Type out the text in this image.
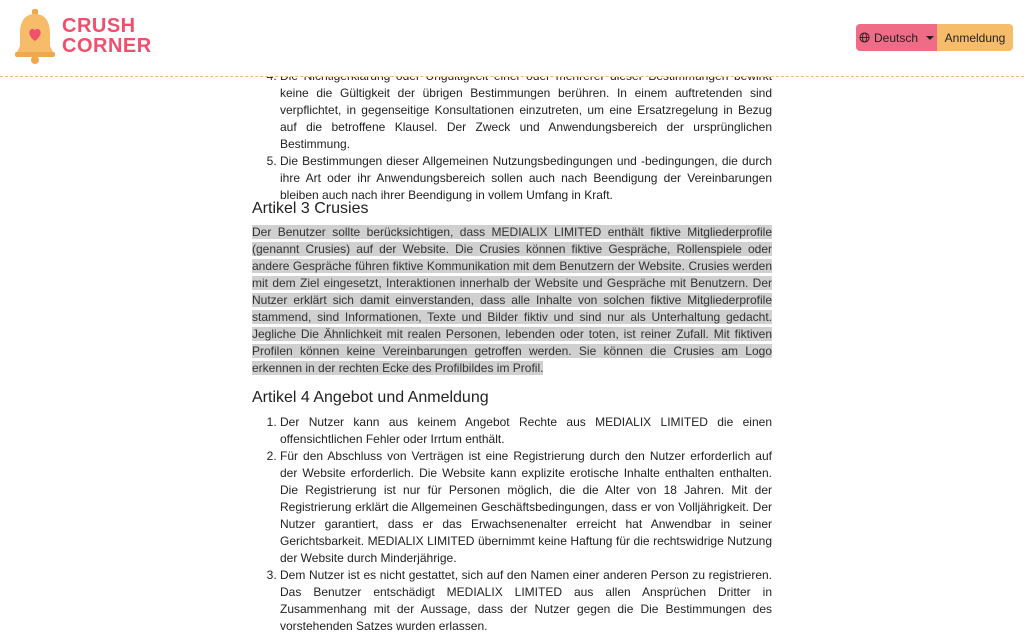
4. keine die Gültigkeit der übrigen Bestimmungen berühren. In einem auftretenden sind verpflichtet, in gegenseitige Konsultationen einzutreten, um eine Ersatzregelung in Bezug auf die betroffene Klausel. Der Zweck und Anwendungsbereich der ursprünglichen Bestimmung.
5. Die Bestimmungen dieser Allgemeinen Nutzungsbedingungen und -bedingungen, die durch ihre Art oder ihr Anwendungsbereich sollen auch nach Beendigung der Vereinbarungen bleiben auch nach ihrer Beendigung in vollem Umfang in Kraft.
Artikel 3 Crusies
Der Benutzer sollte berücksichtigen, dass MEDIALIX LIMITED enthält fiktive Mitgliederprofile (genannt Crusies) auf der Website. Die Crusies können fiktive Gespräche, Rollenspiele oder andere Gespräche führen fiktive Kommunikation mit dem Benutzern der Website. Crusies werden mit dem Ziel eingesetzt, Interaktionen innerhalb der Website und Gespräche mit Benutzern. Der Nutzer erklärt sich damit einverstanden, dass alle Inhalte von solchen fiktive Mitgliederprofile stammend, sind Informationen, Texte und Bilder fiktiv und sind nur als Unterhaltung gedacht. Jegliche Die Ähnlichkeit mit realen Personen, lebenden oder toten, ist reiner Zufall. Mit fiktiven Profilen können keine Vereinbarungen getroffen werden. Sie können die Crusies am Logo erkennen in der rechten Ecke des Profilbildes im Profil.
Artikel 4 Angebot und Anmeldung
1. Der Nutzer kann aus keinem Angebot Rechte aus MEDIALIX LIMITED die einen offensichtlichen Fehler oder Irrtum enthält.
2. Für den Abschluss von Verträgen ist eine Registrierung durch den Nutzer erforderlich auf der Website erforderlich. Die Website kann explizite erotische Inhalte enthalten enthalten. Die Registrierung ist nur für Personen möglich, die die Alter von 18 Jahren. Mit der Registrierung erklärt die Allgemeinen Geschäftsbedingungen, dass er von Volljährigkeit. Der Nutzer garantiert, dass er das Erwachsenenalter erreicht hat Anwendbar in seiner Gerichtsbarkeit. MEDIALIX LIMITED übernimmt keine Haftung für die rechtswidrige Nutzung der Website durch Minderjährige.
3. Dem Nutzer ist es nicht gestattet, sich auf den Namen einer anderen Person zu registrieren. Das Benutzer entschädigt MEDIALIX LIMITED aus allen Ansprüchen Dritter in Zusammenhang mit der Aussage, dass der Nutzer gegen die Die Bestimmungen des vorstehenden Satzes wurden erlassen.
CRUSH
CORNER	Deutsch	Anmeldung
